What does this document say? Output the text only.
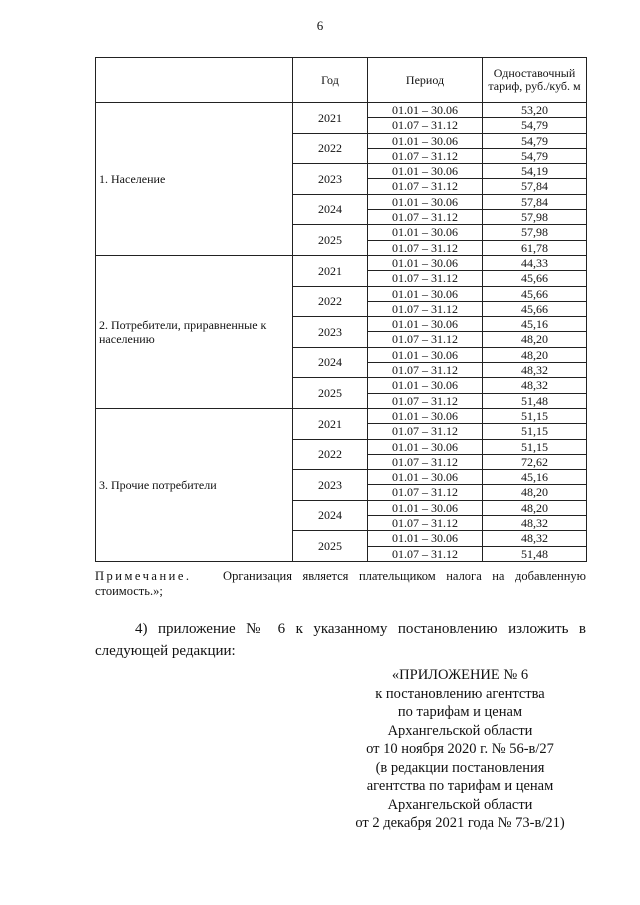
6
	Год	Период	Одноставочный тариф, руб./куб. м
1. Население	2021	01.01 – 30.06	53,20
		01.07 – 31.12	54,79
	2022	01.01 – 30.06	54,79
		01.07 – 31.12	54,79
	2023	01.01 – 30.06	54,19
		01.07 – 31.12	57,84
	2024	01.01 – 30.06	57,84
		01.07 – 31.12	57,98
	2025	01.01 – 30.06	57,98
		01.07 – 31.12	61,78
2. Потребители, приравненные к населению	2021	01.01 – 30.06	44,33
		01.07 – 31.12	45,66
	2022	01.01 – 30.06	45,66
		01.07 – 31.12	45,66
	2023	01.01 – 30.06	45,16
		01.07 – 31.12	48,20
	2024	01.01 – 30.06	48,20
		01.07 – 31.12	48,32
	2025	01.01 – 30.06	48,32
		01.07 – 31.12	51,48
3. Прочие потребители	2021	01.01 – 30.06	51,15
		01.07 – 31.12	51,15
	2022	01.01 – 30.06	51,15
		01.07 – 31.12	72,62
	2023	01.01 – 30.06	45,16
		01.07 – 31.12	48,20
	2024	01.01 – 30.06	48,20
		01.07 – 31.12	48,32
	2025	01.01 – 30.06	48,32
		01.07 – 31.12	51,48
Примечание.	Организация является плательщиком налога на добавленную стоимость.»;
4) приложение № 6 к указанному постановлению изложить в следующей редакции:
«ПРИЛОЖЕНИЕ № 6
к постановлению агентства
по тарифам и ценам
Архангельской области
от 10 ноября 2020 г. № 56-в/27
(в редакции постановления
агентства по тарифам и ценам
Архангельской области
от 2 декабря 2021 года № 73-в/21)
